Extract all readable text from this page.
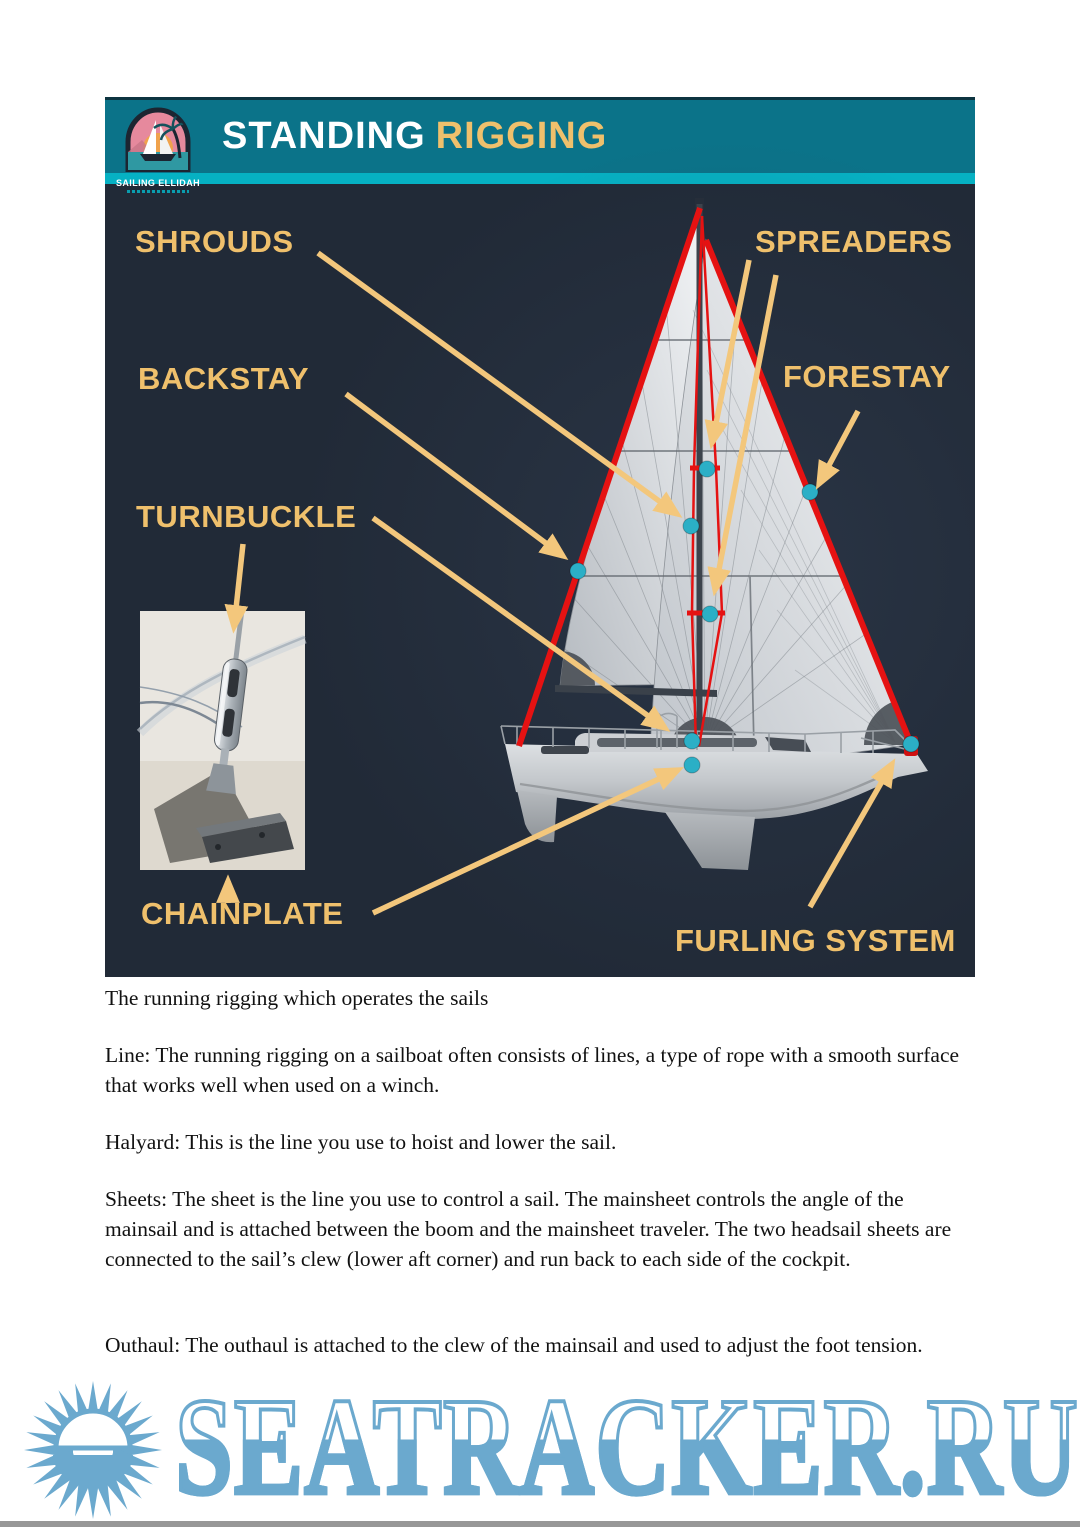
STANDING RIGGING
SAILING ELLIDAH
SHROUDS	SPREADERS
BACKSTAY	FORESTAY
TURNBUCKLE
CHAINPLATE
FURLING SYSTEM

The running rigging which operates the sails

Line: The running rigging on a sailboat often consists of lines, a type of rope with a smooth surface that works well when used on a winch.

Halyard: This is the line you use to hoist and lower the sail.

Sheets: The sheet is the line you use to control a sail. The mainsheet controls the angle of the mainsail and is attached between the boom and the mainsheet traveler. The two headsail sheets are connected to the sail’s clew (lower aft corner) and run back to each side of the cockpit.

Outhaul: The outhaul is attached to the clew of the mainsail and used to adjust the foot tension.

SEATRACKER.RU
